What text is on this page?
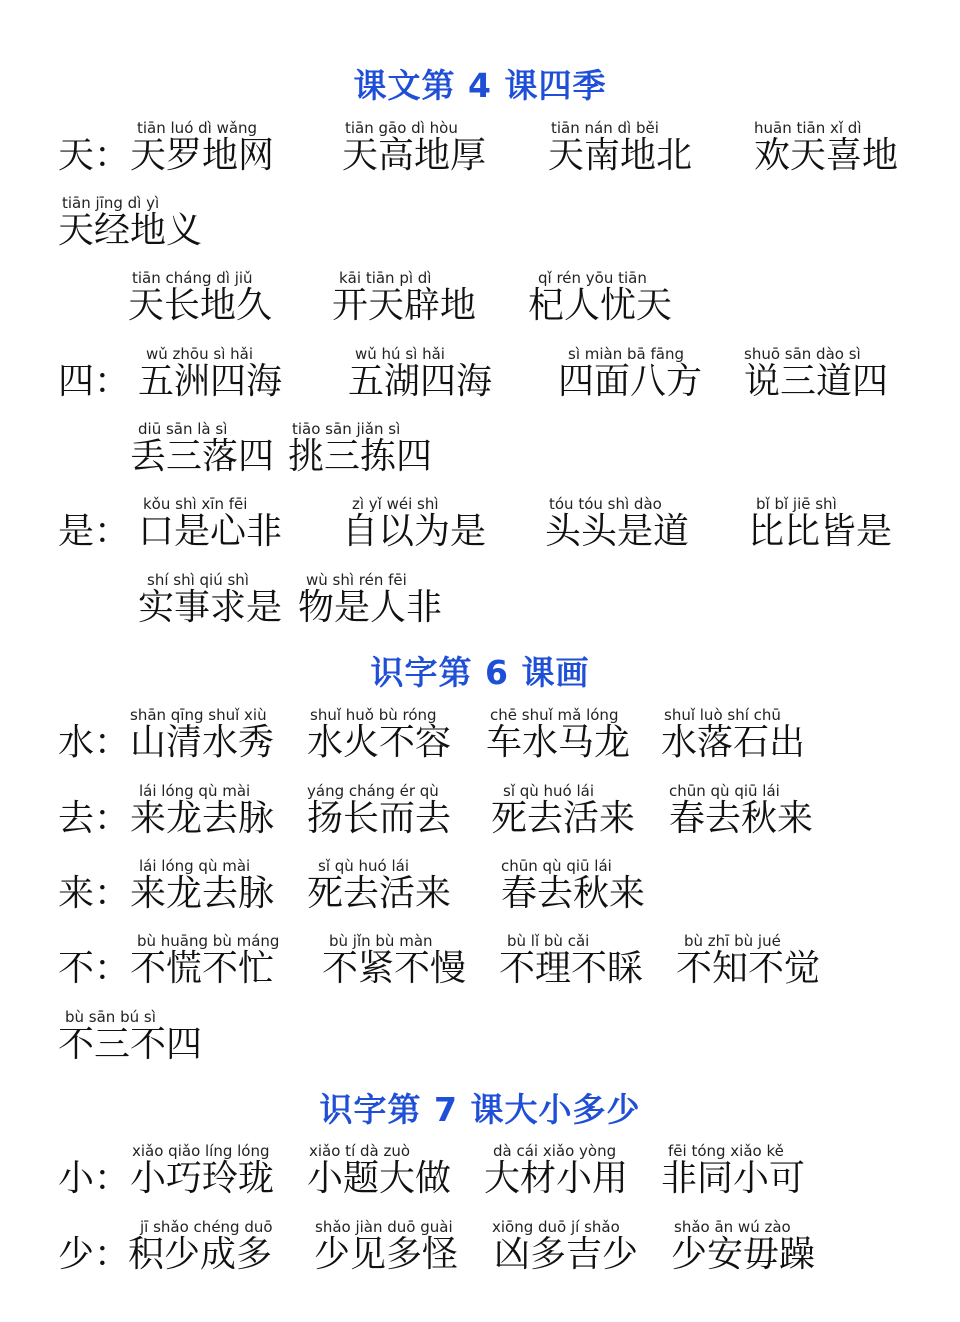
课文第 4 课四季
识字第 6 课画
识字第 7 课大小多少
天：
tiān luó dì wǎng
天罗地网
tiān gāo dì hòu
天高地厚
tiān nán dì běi
天南地北
huān tiān xǐ dì
欢天喜地
tiān jīng dì yì
天经地义
tiān cháng dì jiǔ
天长地久
kāi tiān pì dì
开天辟地
qǐ rén yōu tiān
杞人忧天
四：
wǔ zhōu sì hǎi
五洲四海
wǔ hú sì hǎi
五湖四海
sì miàn bā fāng
四面八方
shuō sān dào sì
说三道四
diū sān là sì
丢三落四
tiāo sān jiǎn sì
挑三拣四
是：
kǒu shì xīn fēi
口是心非
zì yǐ wéi shì
自以为是
tóu tóu shì dào
头头是道
bǐ bǐ jiē shì
比比皆是
shí shì qiú shì
实事求是
wù shì rén fēi
物是人非
水：
shān qīng shuǐ xiù
山清水秀
shuǐ huǒ bù róng
水火不容
chē shuǐ mǎ lóng
车水马龙
shuǐ luò shí chū
水落石出
去：
lái lóng qù mài
来龙去脉
yáng cháng ér qù
扬长而去
sǐ qù huó lái
死去活来
chūn qù qiū lái
春去秋来
来：
lái lóng qù mài
来龙去脉
sǐ qù huó lái
死去活来
chūn qù qiū lái
春去秋来
不：
bù huāng bù máng
不慌不忙
bù jǐn bù màn
不紧不慢
bù lǐ bù cǎi
不理不睬
bù zhī bù jué
不知不觉
bù sān bú sì
不三不四
小：
xiǎo qiǎo líng lóng
小巧玲珑
xiǎo tí dà zuò
小题大做
dà cái xiǎo yòng
大材小用
fēi tóng xiǎo kě
非同小可
少：
jī shǎo chéng duō
积少成多
shǎo jiàn duō guài
少见多怪
xiōng duō jí shǎo
凶多吉少
shǎo ān wú zào
少安毋躁
